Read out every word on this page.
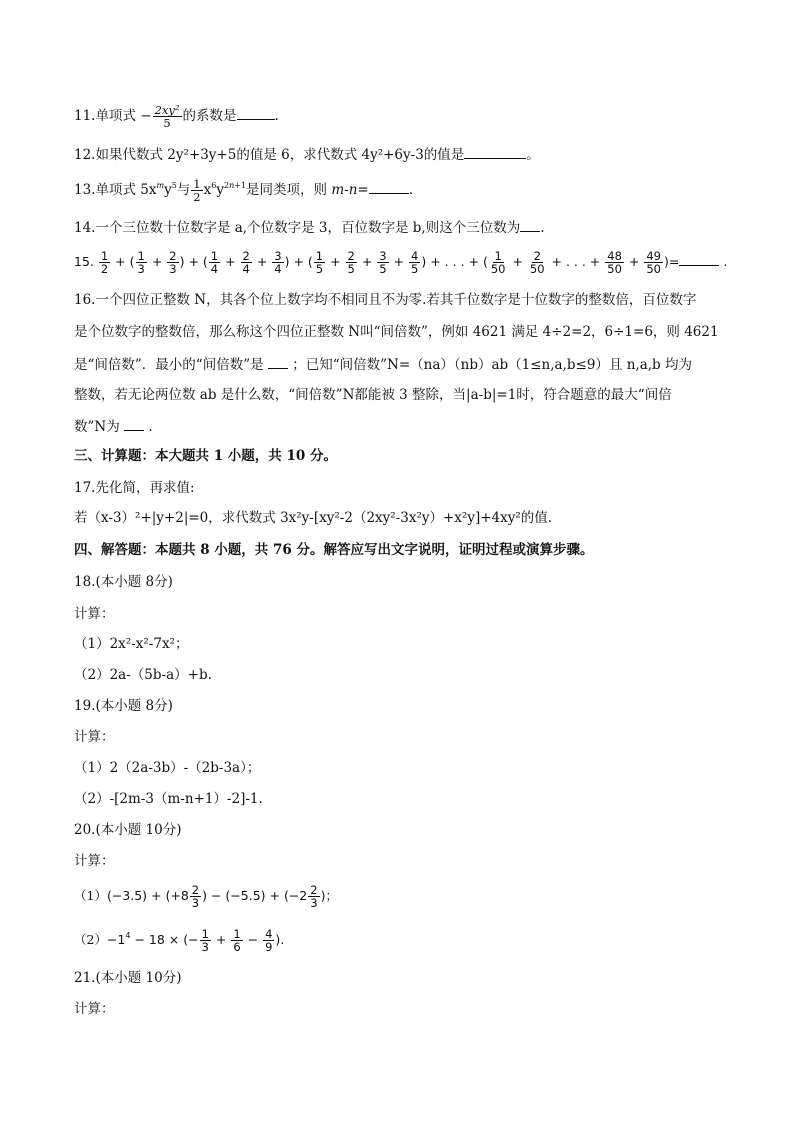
11.单项式 − $\frac{\text{2xy²}}{5}$ 的系数是	.
12.如果代数式 2y²+3y+5的值是 6，求代数式 4y²+6y-3的值是	。
13.单项式 $5x^my^5$与 $\frac{1}{2} x^6y^{2n+1}$是同类项，则 m-n=	.
14.一个三位数十位数字是 a,个位数字是 3，百位数字是 b,则这个三位数为 .
15. $\frac{1}{2}$ + ( $\frac{1}{3} + \frac{2}{3}$ ) + ( $\frac{1}{4} + \frac{2}{4} + \frac{3}{4}$ ) + ( $\frac{1}{5} + \frac{2}{5} + \frac{3}{5} + \frac{4}{5}$ ) + . . . + ( $\frac{1}{50} + \frac{2}{50}$ + . . . + $\frac{48}{50} + \frac{49}{50}$ )=	.
16.一个四位正整数 N，其各个位上数字均不相同且不为零.若其千位数字是十位数字的整数倍，百位数字
是个位数字的整数倍，那么称这个四位正整数 N叫“间倍数”，例如 4621 满足 4÷2=2，6÷1=6，则 4621
是“间倍数”．最小的“间倍数”是 ；已知“间倍数”N=（na）（nb）ab（1≤n,a,b≤9）且 n,a,b 均为
整数，若无论两位数 ab 是什么数，“间倍数”N都能被 3 整除，当|a-b|=1时，符合题意的最大“间倍
数”N为 .
三、计算题：本大题共 1 小题，共 10 分。
17.先化简，再求值:
若（x-3）²+|y+2|=0，求代数式 3x²y-[xy²-2（2xy²-3x²y）+x²y]+4xy²的值.
四、解答题：本题共 8 小题，共 76 分。解答应写出文字说明，证明过程或演算步骤。
18.(本小题 8分)
计算：
（1）2x²-x²-7x²；
（2）2a-（5b-a）+b.
19.(本小题 8分)
计算：
（1）2（2a-3b）-（2b-3a）；
（2）-[2m-3（m-n+1）-2]-1.
20.(本小题 10分)
计算：
$(1)(-3.5) + (+8 \frac{2}{3}$ ) − $(-5.5) + (-2 \frac{2}{3}$ )；
$(2)-1^4 - 18$ × (− $\frac{1}{3} + \frac{1}{6} - \frac{4}{9}$ ).
21.(本小题 10分)
计算：
